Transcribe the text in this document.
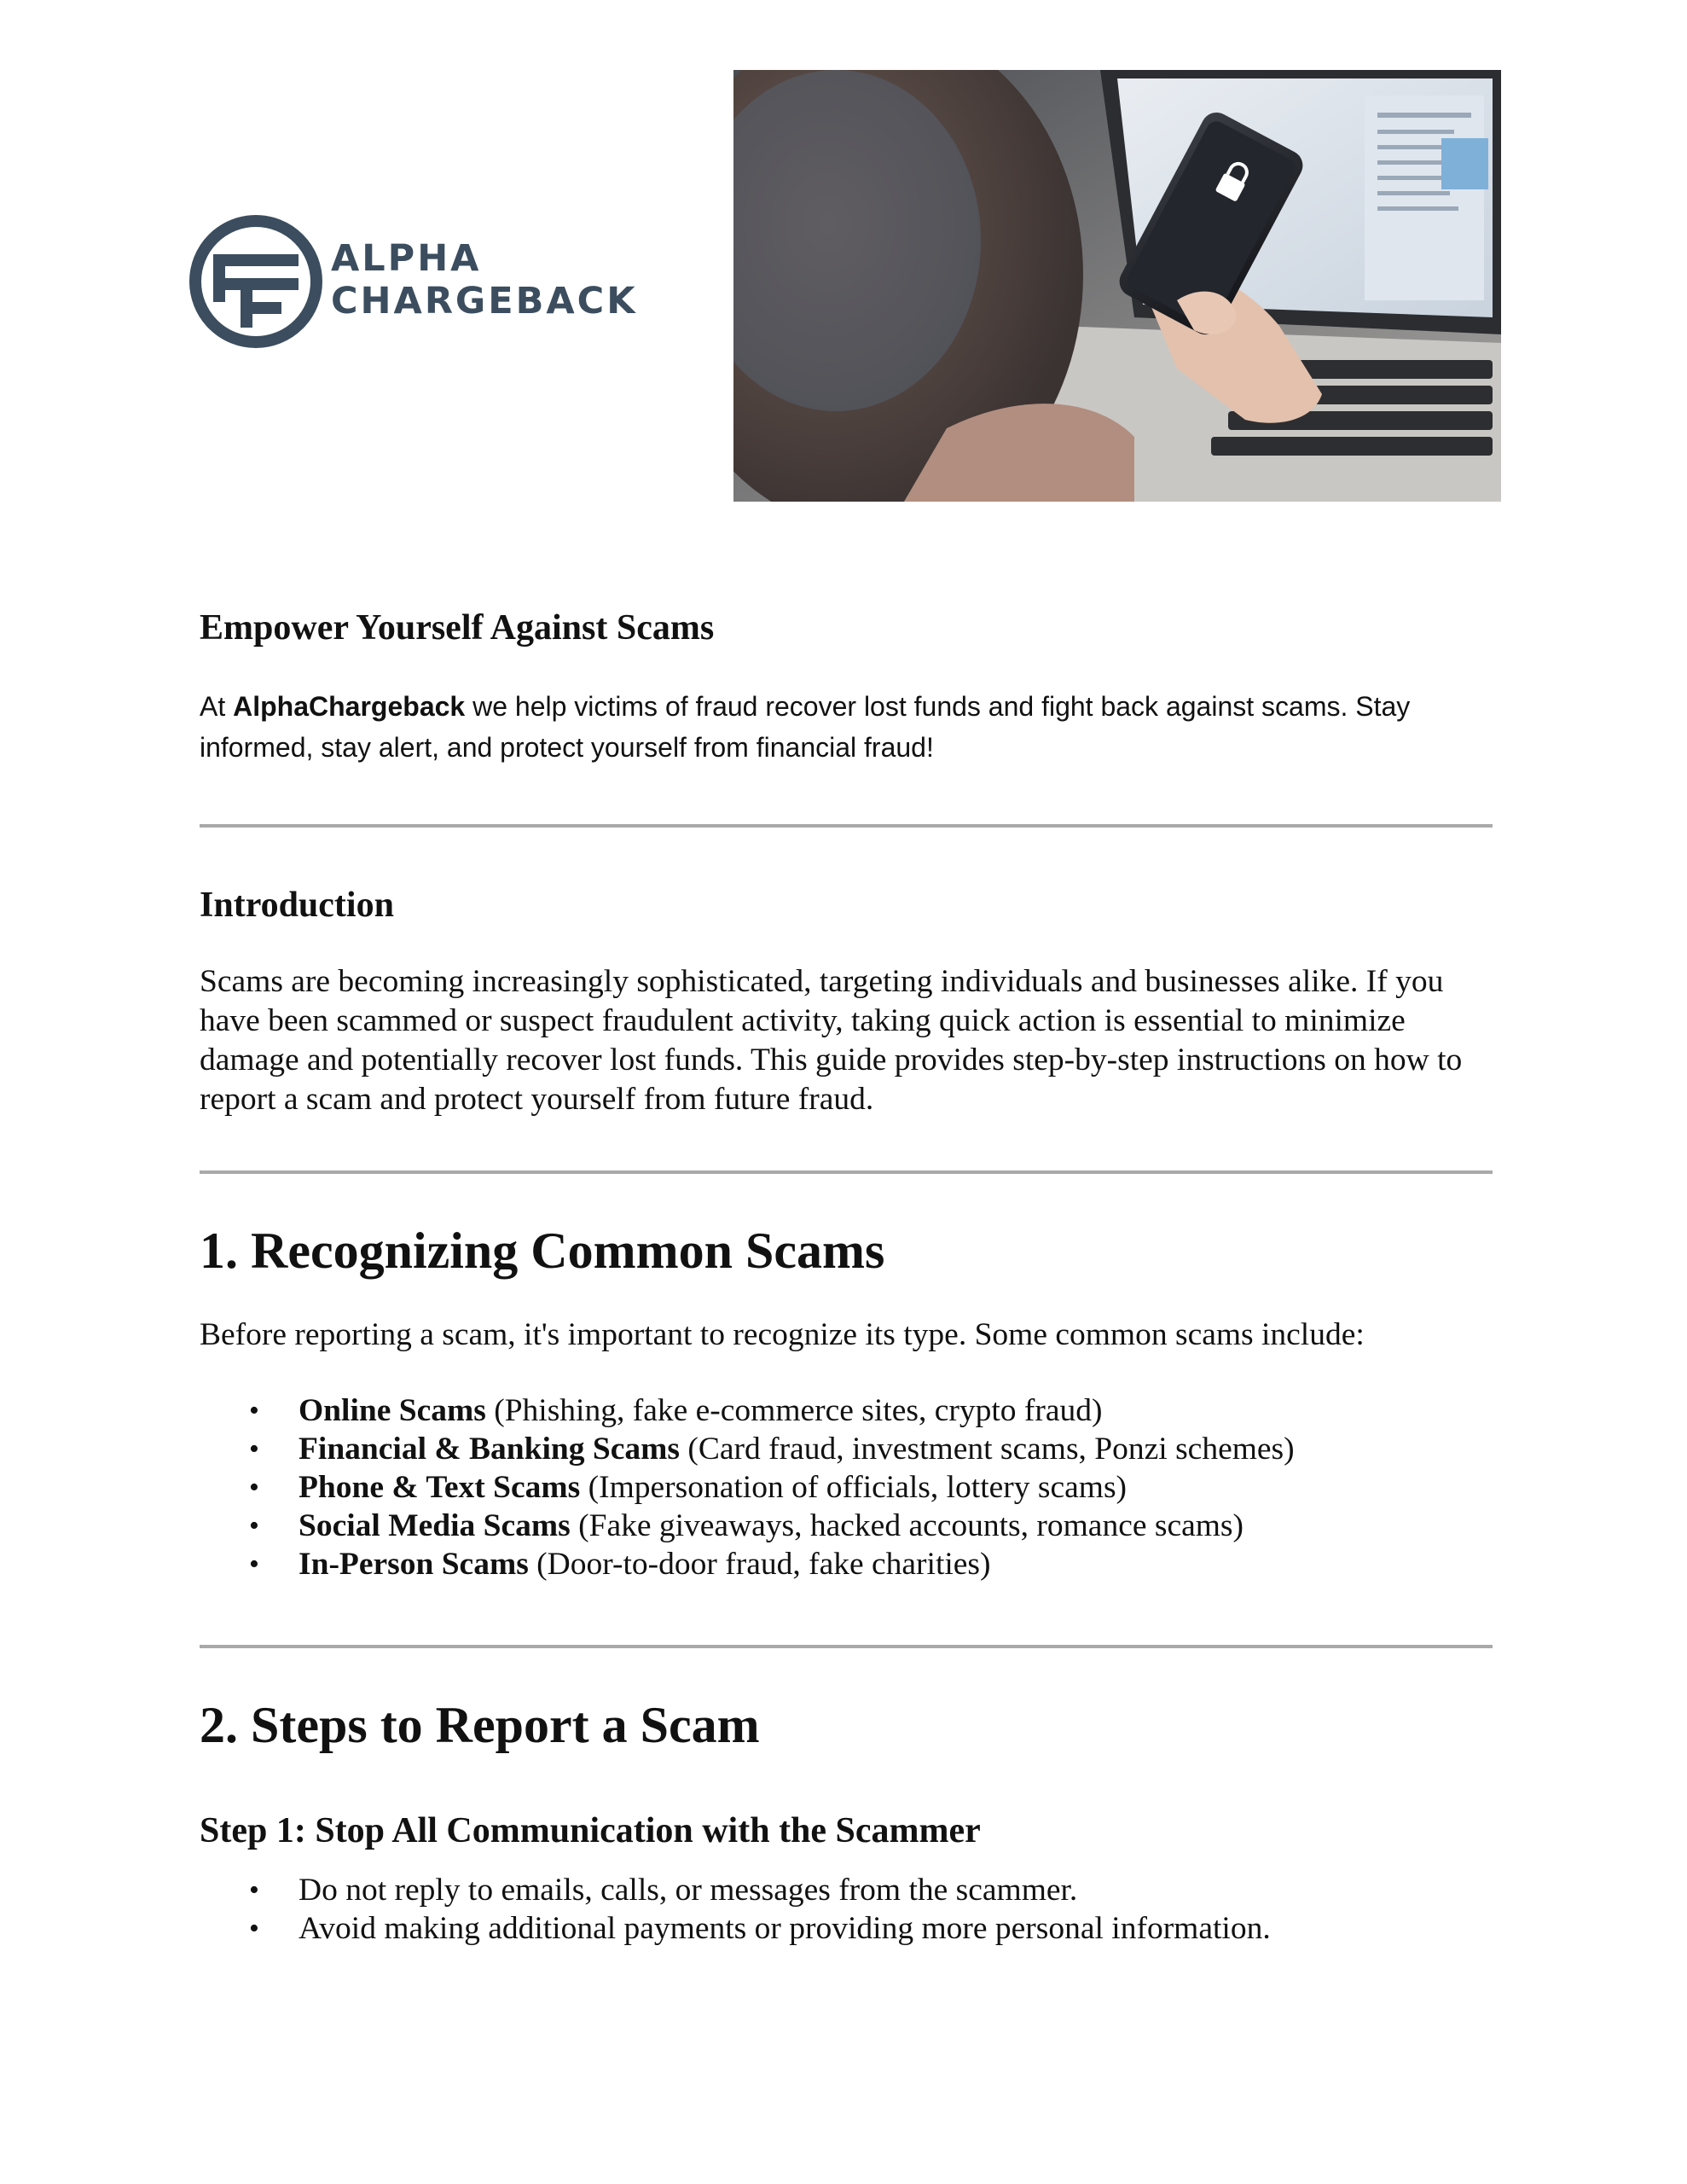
ALPHA
CHARGEBACK
Empower Yourself Against Scams

At AlphaChargeback we help victims of fraud recover lost funds and fight back against scams. Stay informed, stay alert, and protect yourself from financial fraud!

Introduction

Scams are becoming increasingly sophisticated, targeting individuals and businesses alike. If you have been scammed or suspect fraudulent activity, taking quick action is essential to minimize damage and potentially recover lost funds. This guide provides step-by-step instructions on how to report a scam and protect yourself from future fraud.

1. Recognizing Common Scams

Before reporting a scam, it's important to recognize its type. Some common scams include:

• Online Scams (Phishing, fake e-commerce sites, crypto fraud)
• Financial & Banking Scams (Card fraud, investment scams, Ponzi schemes)
• Phone & Text Scams (Impersonation of officials, lottery scams)
• Social Media Scams (Fake giveaways, hacked accounts, romance scams)
• In-Person Scams (Door-to-door fraud, fake charities)
2. Steps to Report a Scam
Step 1: Stop All Communication with the Scammer
• Do not reply to emails, calls, or messages from the scammer.
• Avoid making additional payments or providing more personal information.
